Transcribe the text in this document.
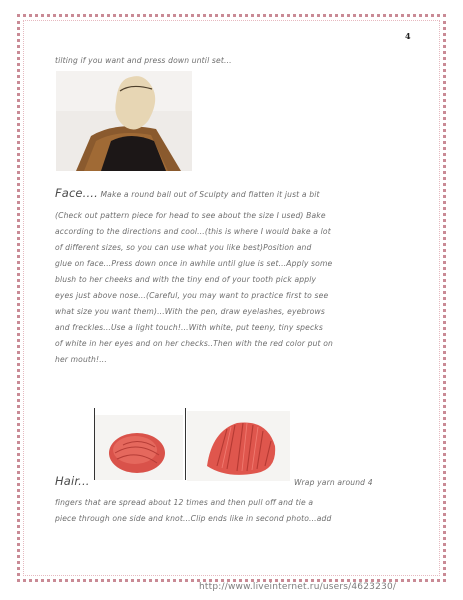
4
tilting if you want and press down until set...
Face.... Make a round ball out of Sculpty and flatten it just a bit
(Check out pattern piece for head to see about the size I used) Bake
according to the directions and cool...(this is where I would bake a lot
of different sizes, so you can use what you like best)Position and
glue on face...Press down once in awhile until glue is set...Apply some
blush to her cheeks and with the tiny end of your tooth pick apply
eyes just above nose...(Careful, you may want to practice first to see
what size you want them)...With the pen, draw eyelashes, eyebrows
and freckles...Use a light touch!...With white, put teeny, tiny specks
of white in her eyes and on her checks..Then with the red color put on
her mouth!...
Hair...	Wrap yarn around 4
fingers that are spread about 12 times and then pull off and tie a
piece through one side and knot...Clip ends like in second photo...add
http://www.liveinternet.ru/users/4623230/
